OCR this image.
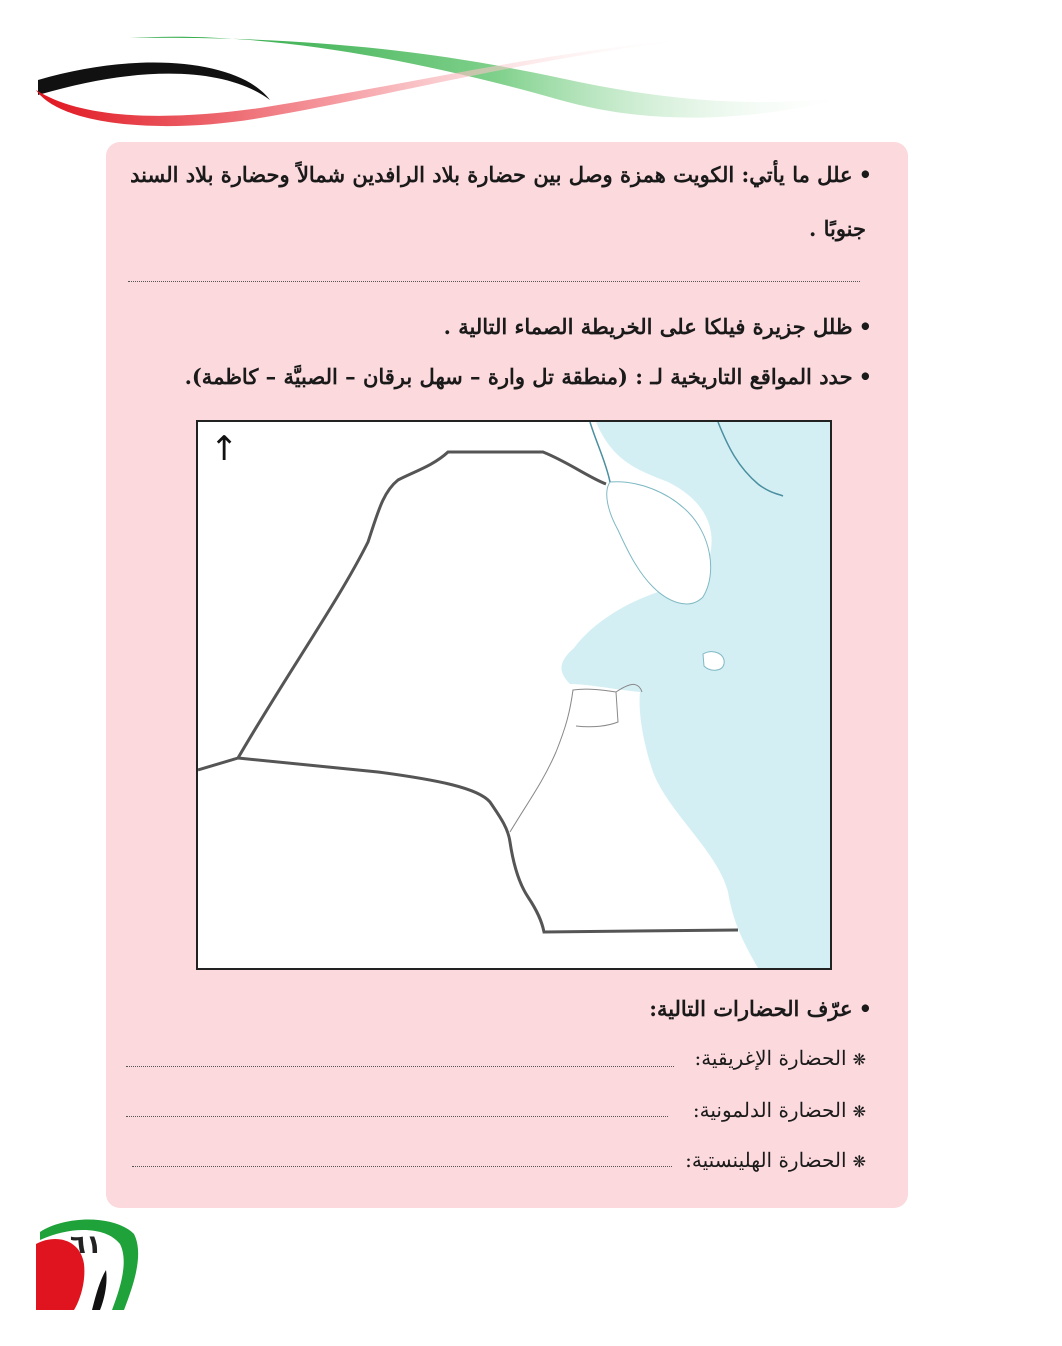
•علل ما يأتي: الكويت همزة وصل بين حضارة بلاد الرافدين شمالاً وحضارة بلاد السند
جنوبًا .
•ظلل جزيرة فيلكا على الخريطة الصماء التالية .
•حدد المواقع التاريخية لـ : (منطقة تل وارة – سهل برقان – الصبيَّة – كاظمة).
↑
•عرّف الحضارات التالية:
❋الحضارة الإغريقية:
❋الحضارة الدلمونية:
❋الحضارة الهلينستية:
٦١
